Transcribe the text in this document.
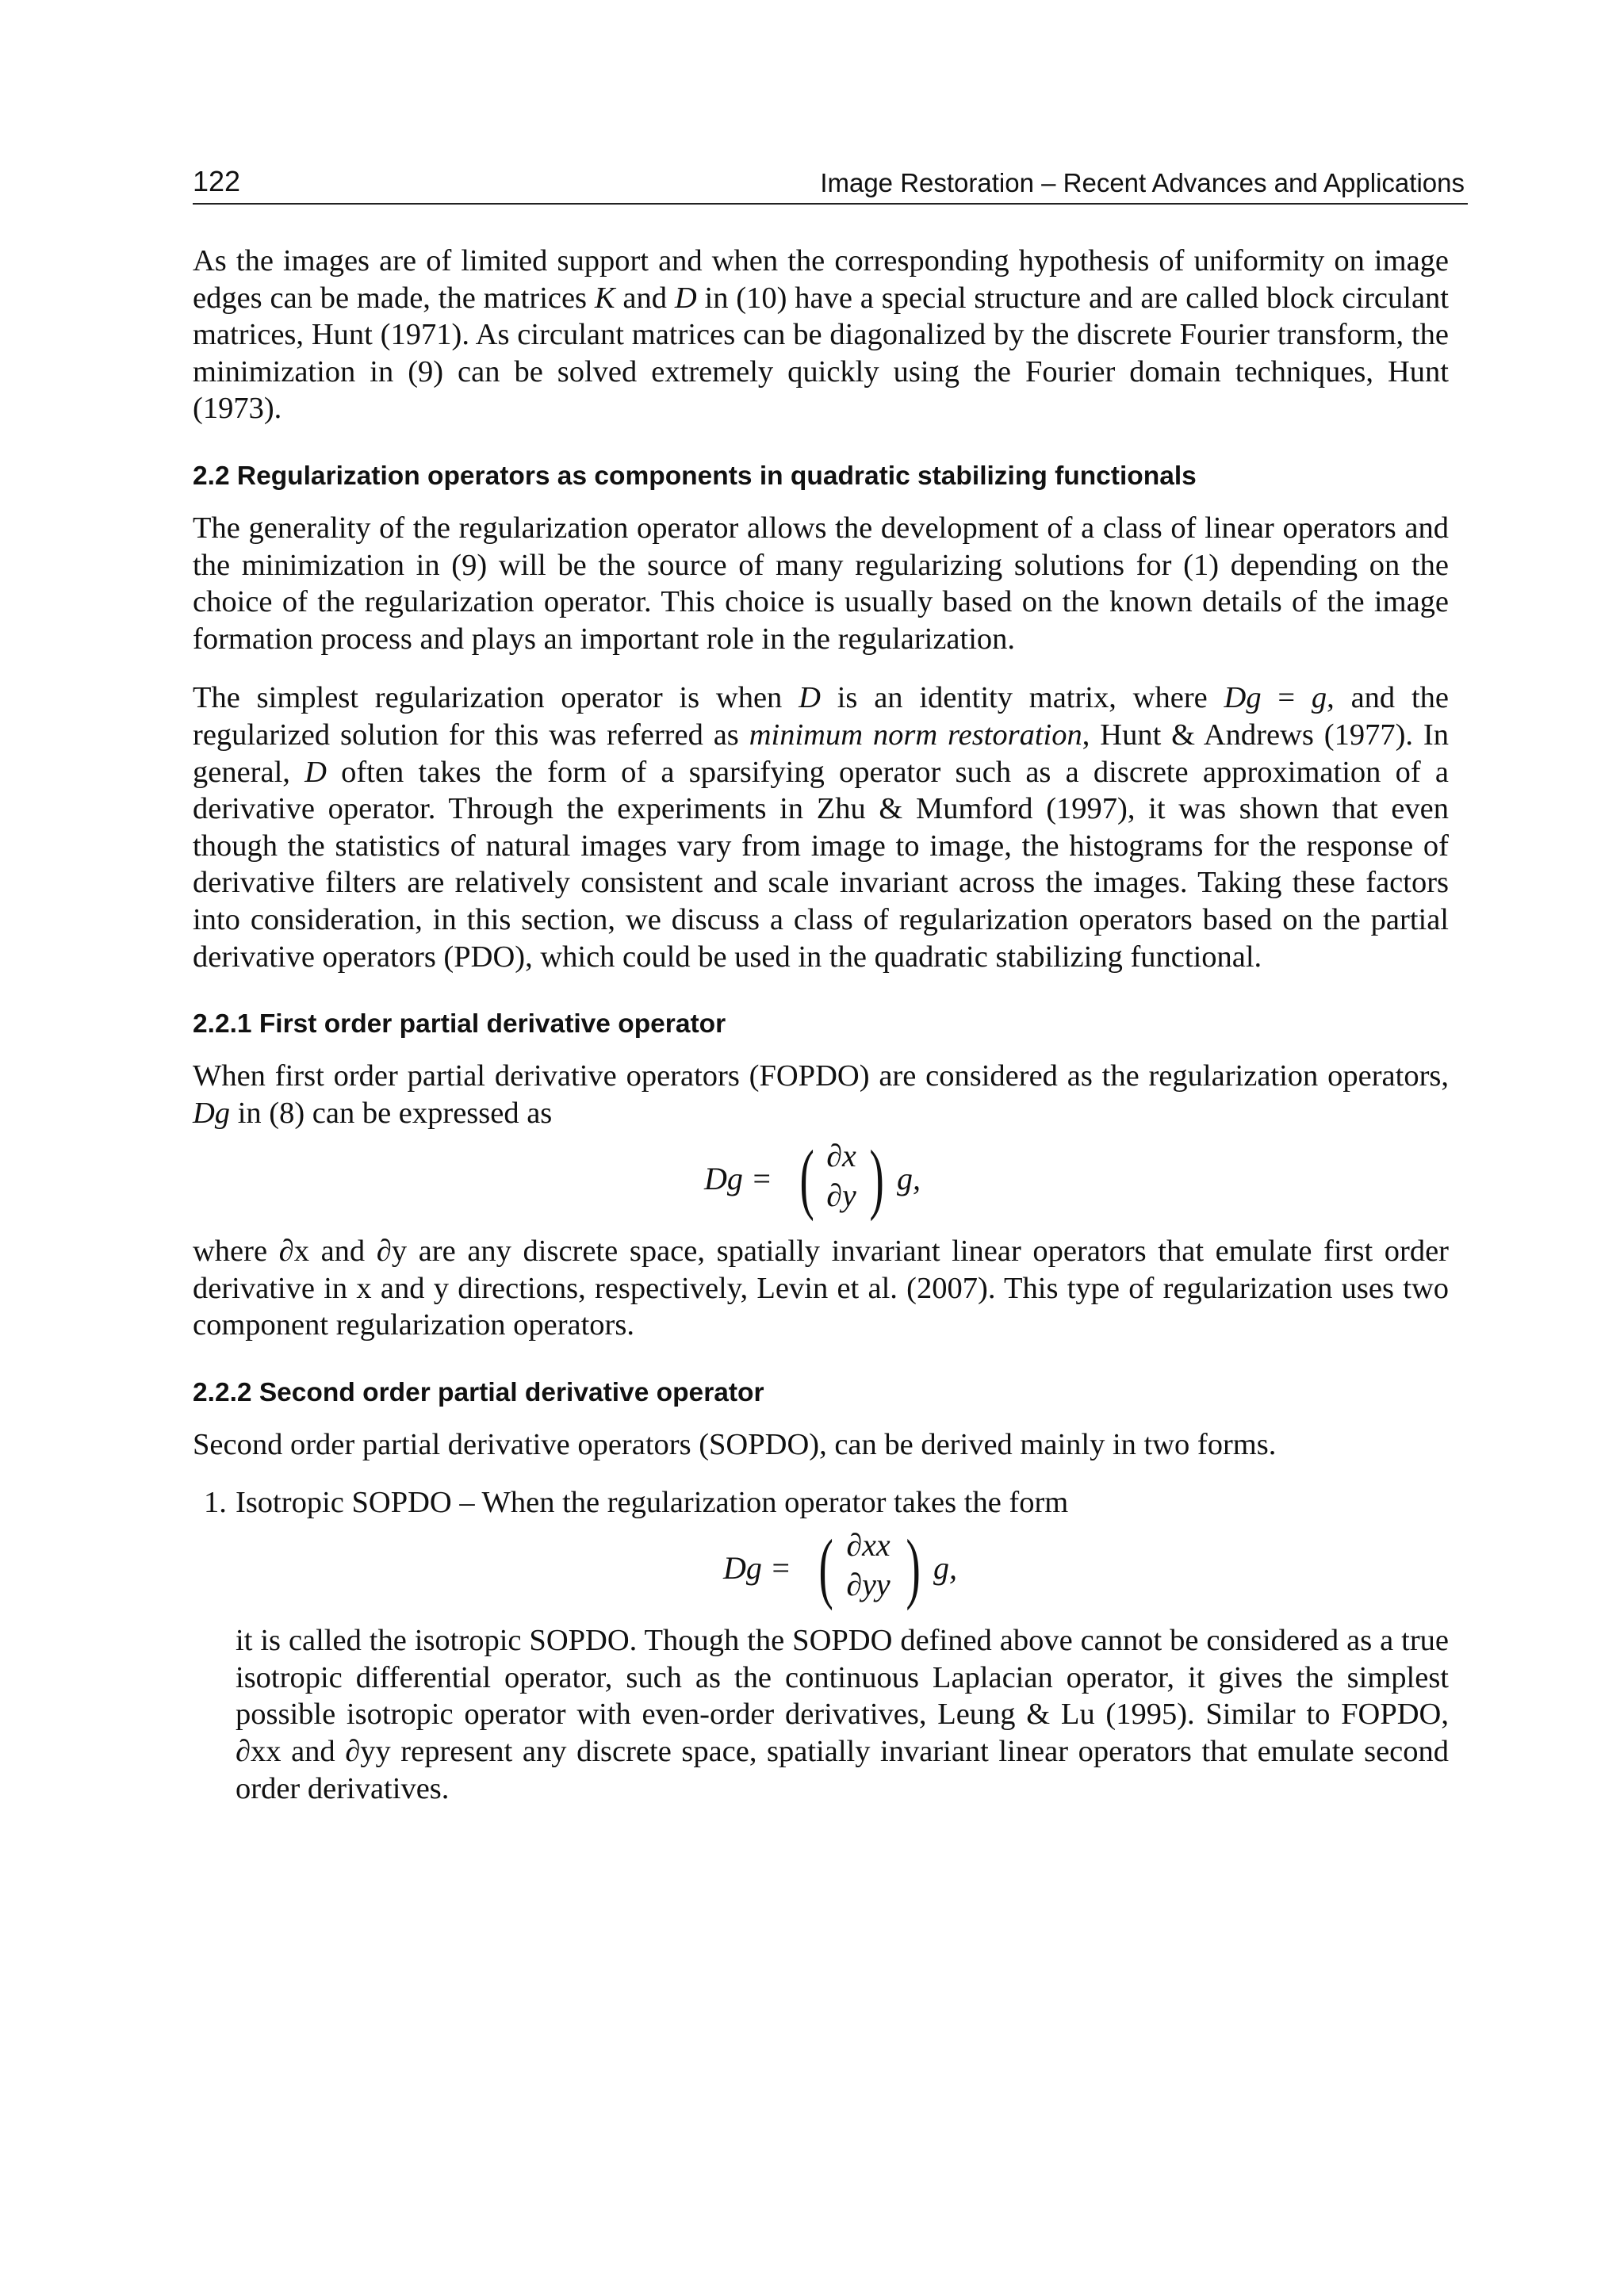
122	Image Restoration – Recent Advances and Applications

As the images are of limited support and when the corresponding hypothesis of uniformity on image edges can be made, the matrices K and D in (10) have a special structure and are called block circulant matrices, Hunt (1971). As circulant matrices can be diagonalized by the discrete Fourier transform, the minimization in (9) can be solved extremely quickly using the Fourier domain techniques, Hunt (1973).

2.2 Regularization operators as components in quadratic stabilizing functionals

The generality of the regularization operator allows the development of a class of linear operators and the minimization in (9) will be the source of many regularizing solutions for (1) depending on the choice of the regularization operator. This choice is usually based on the known details of the image formation process and plays an important role in the regularization.

The simplest regularization operator is when D is an identity matrix, where Dg = g, and the regularized solution for this was referred as minimum norm restoration, Hunt & Andrews (1977). In general, D often takes the form of a sparsifying operator such as a discrete approximation of a derivative operator. Through the experiments in Zhu & Mumford (1997), it was shown that even though the statistics of natural images vary from image to image, the histograms for the response of derivative filters are relatively consistent and scale invariant across the images. Taking these factors into consideration, in this section, we discuss a class of regularization operators based on the partial derivative operators (PDO), which could be used in the quadratic stabilizing functional.

2.2.1 First order partial derivative operator

When first order partial derivative operators (FOPDO) are considered as the regularization operators, Dg in (8) can be expressed as

Dg = ( ∂x
∂y ) g,

where ∂x and ∂y are any discrete space, spatially invariant linear operators that emulate first order derivative in x and y directions, respectively, Levin et al. (2007). This type of regularization uses two component regularization operators.

2.2.2 Second order partial derivative operator

Second order partial derivative operators (SOPDO), can be derived mainly in two forms.

1. Isotropic SOPDO – When the regularization operator takes the form

Dg = ( ∂xx
∂yy ) g,

it is called the isotropic SOPDO. Though the SOPDO defined above cannot be considered as a true isotropic differential operator, such as the continuous Laplacian operator, it gives the simplest possible isotropic operator with even-order derivatives, Leung & Lu (1995). Similar to FOPDO, ∂xx and ∂yy represent any discrete space, spatially invariant linear operators that emulate second order derivatives.
